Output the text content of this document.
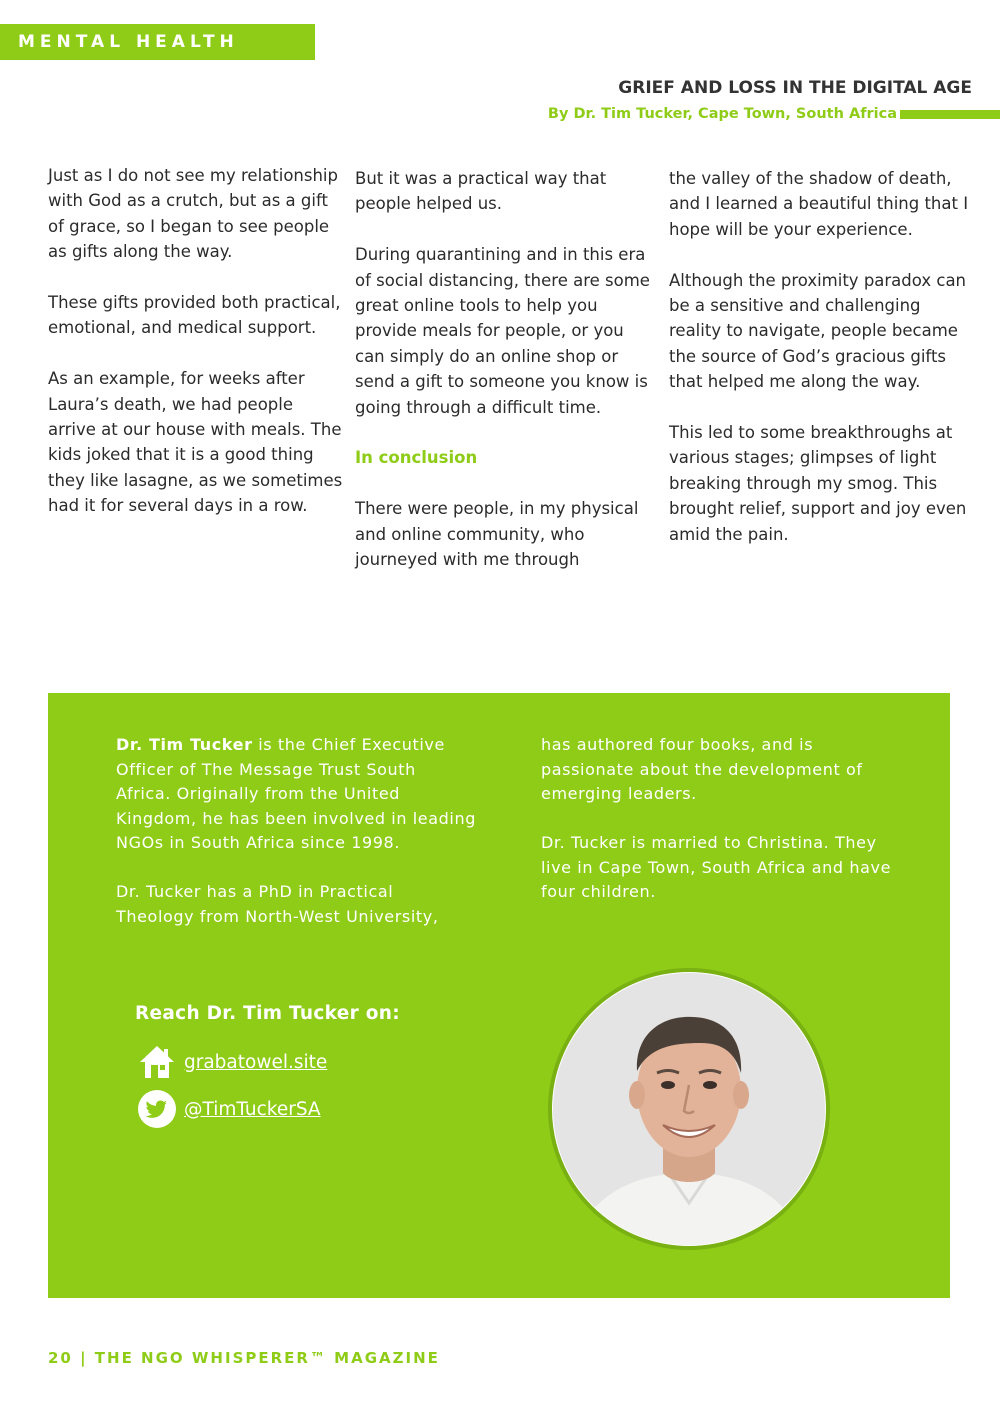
MENTAL HEALTH
GRIEF AND LOSS IN THE DIGITAL AGE
By Dr. Tim Tucker, Cape Town, South Africa

Just as I do not see my relationship with God as a crutch, but as a gift of grace, so I began to see people as gifts along the way.

These gifts provided both practical, emotional, and medical support.

As an example, for weeks after Laura’s death, we had people arrive at our house with meals. The kids joked that it is a good thing they like lasagne, as we sometimes had it for several days in a row.

But it was a practical way that people helped us.

During quarantining and in this era of social distancing, there are some great online tools to help you provide meals for people, or you can simply do an online shop or send a gift to someone you know is going through a difficult time.

In conclusion

There were people, in my physical and online community, who journeyed with me through

the valley of the shadow of death, and I learned a beautiful thing that I hope will be your experience.

Although the proximity paradox can be a sensitive and challenging reality to navigate, people became the source of God’s gracious gifts that helped me along the way.

This led to some breakthroughs at various stages; glimpses of light breaking through my smog. This brought relief, support and joy even amid the pain.

Dr. Tim Tucker is the Chief Executive Officer of The Message Trust South Africa. Originally from the United Kingdom, he has been involved in leading NGOs in South Africa since 1998.

Dr. Tucker has a PhD in Practical Theology from North-West University,

has authored four books, and is passionate about the development of emerging leaders.

Dr. Tucker is married to Christina. They live in Cape Town, South Africa and have four children.

Reach Dr. Tim Tucker on:
grabatowel.site
@TimTuckerSA
20 | THE NGO WHISPERER™ MAGAZINE
